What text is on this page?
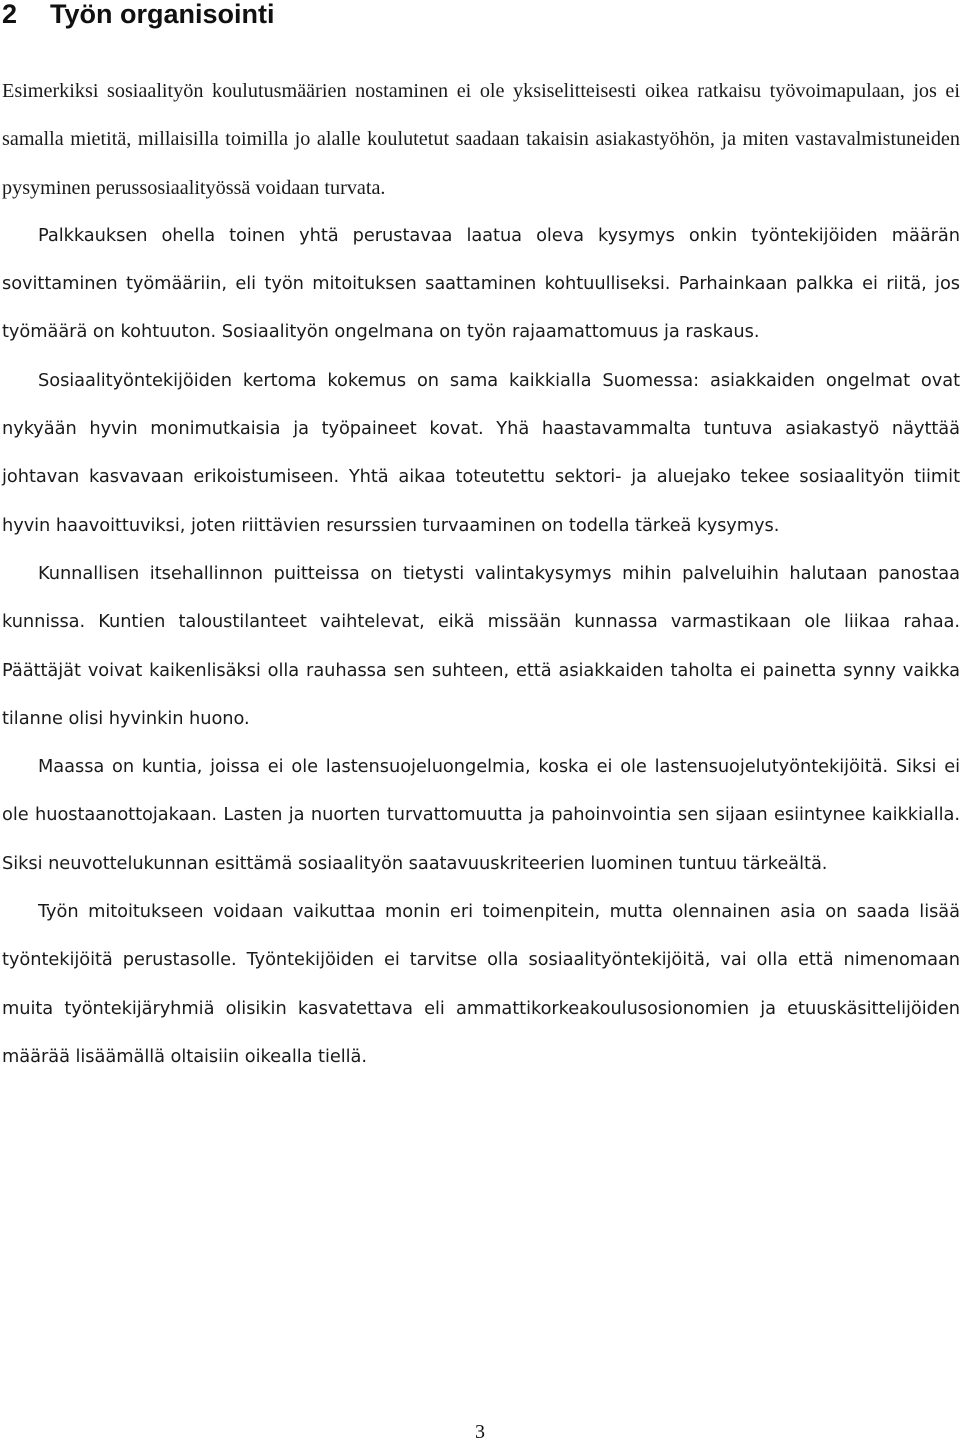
2 Työn organisointi

Esimerkiksi sosiaalityön koulutusmäärien nostaminen ei ole yksiselitteisesti oikea ratkaisu työvoimapulaan, jos ei samalla mietitä, millaisilla toimilla jo alalle koulutetut saadaan takaisin asiakastyöhön, ja miten vastavalmistuneiden pysyminen perussosiaalityössä voidaan turvata.

Palkkauksen ohella toinen yhtä perustavaa laatua oleva kysymys onkin työntekijöiden määrän sovittaminen työmääriin, eli työn mitoituksen saattaminen kohtuulliseksi. Parhainkaan palkka ei riitä, jos työmäärä on kohtuuton. Sosiaalityön ongelmana on työn rajaamattomuus ja raskaus.

Sosiaalityöntekijöiden kertoma kokemus on sama kaikkialla Suomessa: asiakkaiden ongelmat ovat nykyään hyvin monimutkaisia ja työpaineet kovat. Yhä haastavammalta tuntuva asiakastyö näyttää johtavan kasvavaan erikoistumiseen. Yhtä aikaa toteutettu sektori- ja aluejako tekee sosiaalityön tiimit hyvin haavoittuviksi, joten riittävien resurssien turvaaminen on todella tärkeä kysymys.

Kunnallisen itsehallinnon puitteissa on tietysti valintakysymys mihin palveluihin halutaan panostaa kunnissa. Kuntien taloustilanteet vaihtelevat, eikä missään kunnassa varmastikaan ole liikaa rahaa. Päättäjät voivat kaikenlisäksi olla rauhassa sen suhteen, että asiakkaiden taholta ei painetta synny vaikka tilanne olisi hyvinkin huono.

Maassa on kuntia, joissa ei ole lastensuojeluongelmia, koska ei ole lastensuojelutyöntekijöitä. Siksi ei ole huostaanottojakaan. Lasten ja nuorten turvattomuutta ja pahoinvointia sen sijaan esiintynee kaikkialla. Siksi neuvottelukunnan esittämä sosiaalityön saatavuuskriteerien luominen tuntuu tärkeältä.

Työn mitoitukseen voidaan vaikuttaa monin eri toimenpitein, mutta olennainen asia on saada lisää työntekijöitä perustasolle. Työntekijöiden ei tarvitse olla sosiaalityöntekijöitä, vai olla että nimenomaan muita työntekijäryhmiä olisikin kasvatettava eli ammattikorkeakoulusosionomien ja etuuskäsittelijöiden määrää lisäämällä oltaisiin oikealla tiellä.

3
